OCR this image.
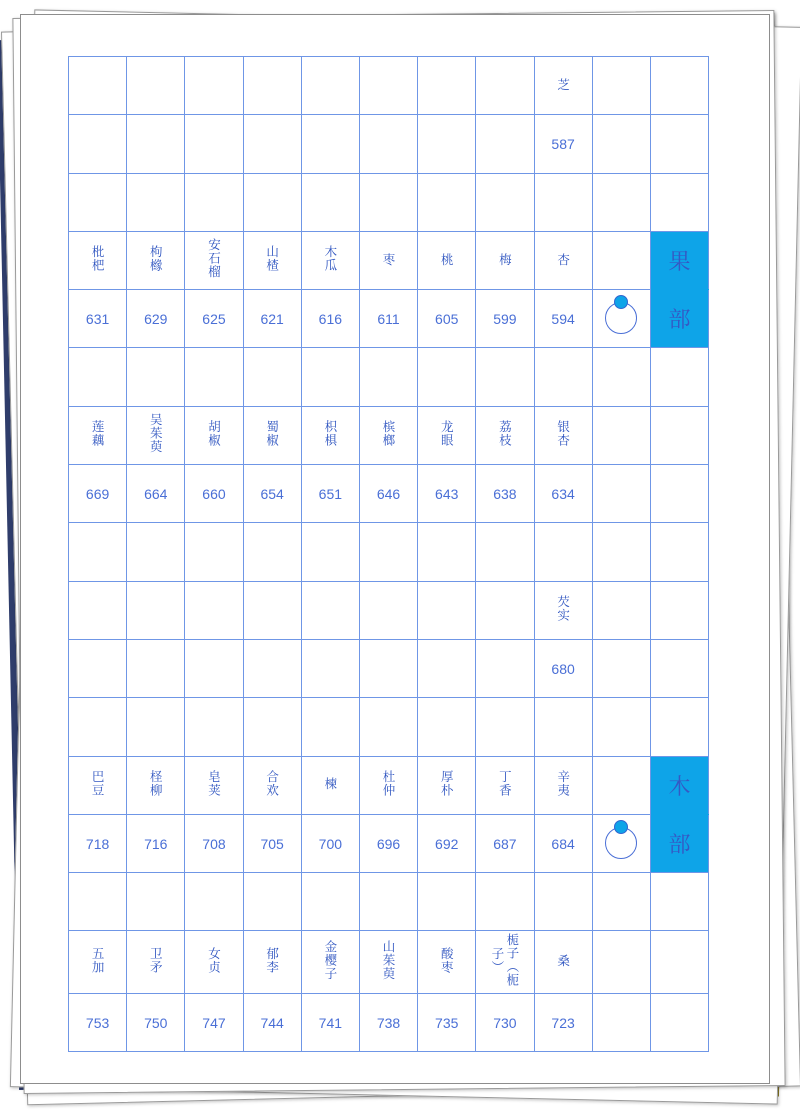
								芝		
								587		

枇杷	枸橼	安石榴	山楂	木瓜	枣	桃	梅	杏		果
631	629	625	621	616	611	605	599	594		部

莲藕	吴茱萸	胡椒	蜀椒	枳椇	槟榔	龙眼	荔枝	银杏		
669	664	660	654	651	646	643	638	634		

								芡实		
								680		

巴豆	柽柳	皂荚	合欢	楝	杜仲	厚朴	丁香	辛夷		木
718	716	708	705	700	696	692	687	684		部

五加	卫矛	女贞	郁李	金樱子	山茱萸	酸枣	栀子（枙子）	桑		
753	750	747	744	741	738	735	730	723		
